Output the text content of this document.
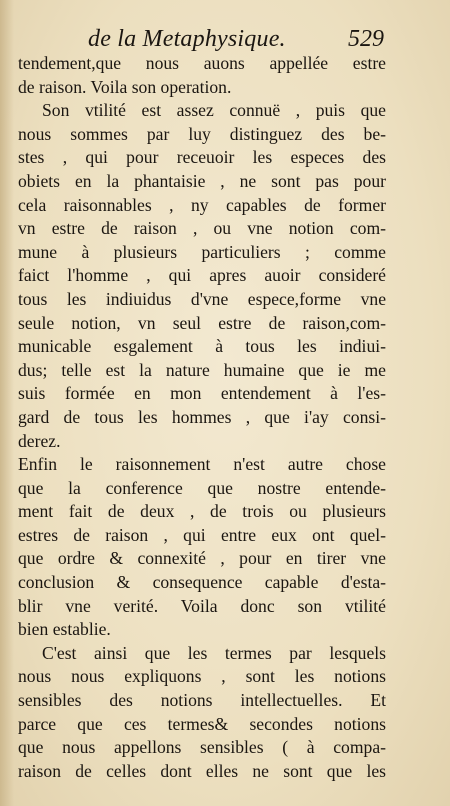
de la Metaphysique.	529
tendement,que nous auons appellée estre
de raison. Voila son operation.
Son vtilité est assez connuë , puis que
nous sommes par luy distinguez des be-
stes , qui pour receuoir les especes des
obiets en la phantaisie , ne sont pas pour
cela raisonnables , ny capables de former
vn estre de raison , ou vne notion com-
mune à plusieurs particuliers ; comme
faict l'homme , qui apres auoir consideré
tous les indiuidus d'vne espece,forme vne
seule notion, vn seul estre de raison,com-
municable esgalement à tous les indiui-
dus; telle est la nature humaine que ie me
suis formée en mon entendement à l'es-
gard de tous les hommes , que i'ay consi-
derez.
Enfin le raisonnement n'est autre chose
que la conference que nostre entende-
ment fait de deux , de trois ou plusieurs
estres de raison , qui entre eux ont quel-
que ordre & connexité , pour en tirer vne
conclusion & consequence capable d'esta-
blir vne verité. Voila donc son vtilité
bien establie.
C'est ainsi que les termes par lesquels
nous nous expliquons , sont les notions
sensibles des notions intellectuelles. Et
parce que ces termes& secondes notions
que nous appellons sensibles ( à compa-
raison de celles dont elles ne sont que les
